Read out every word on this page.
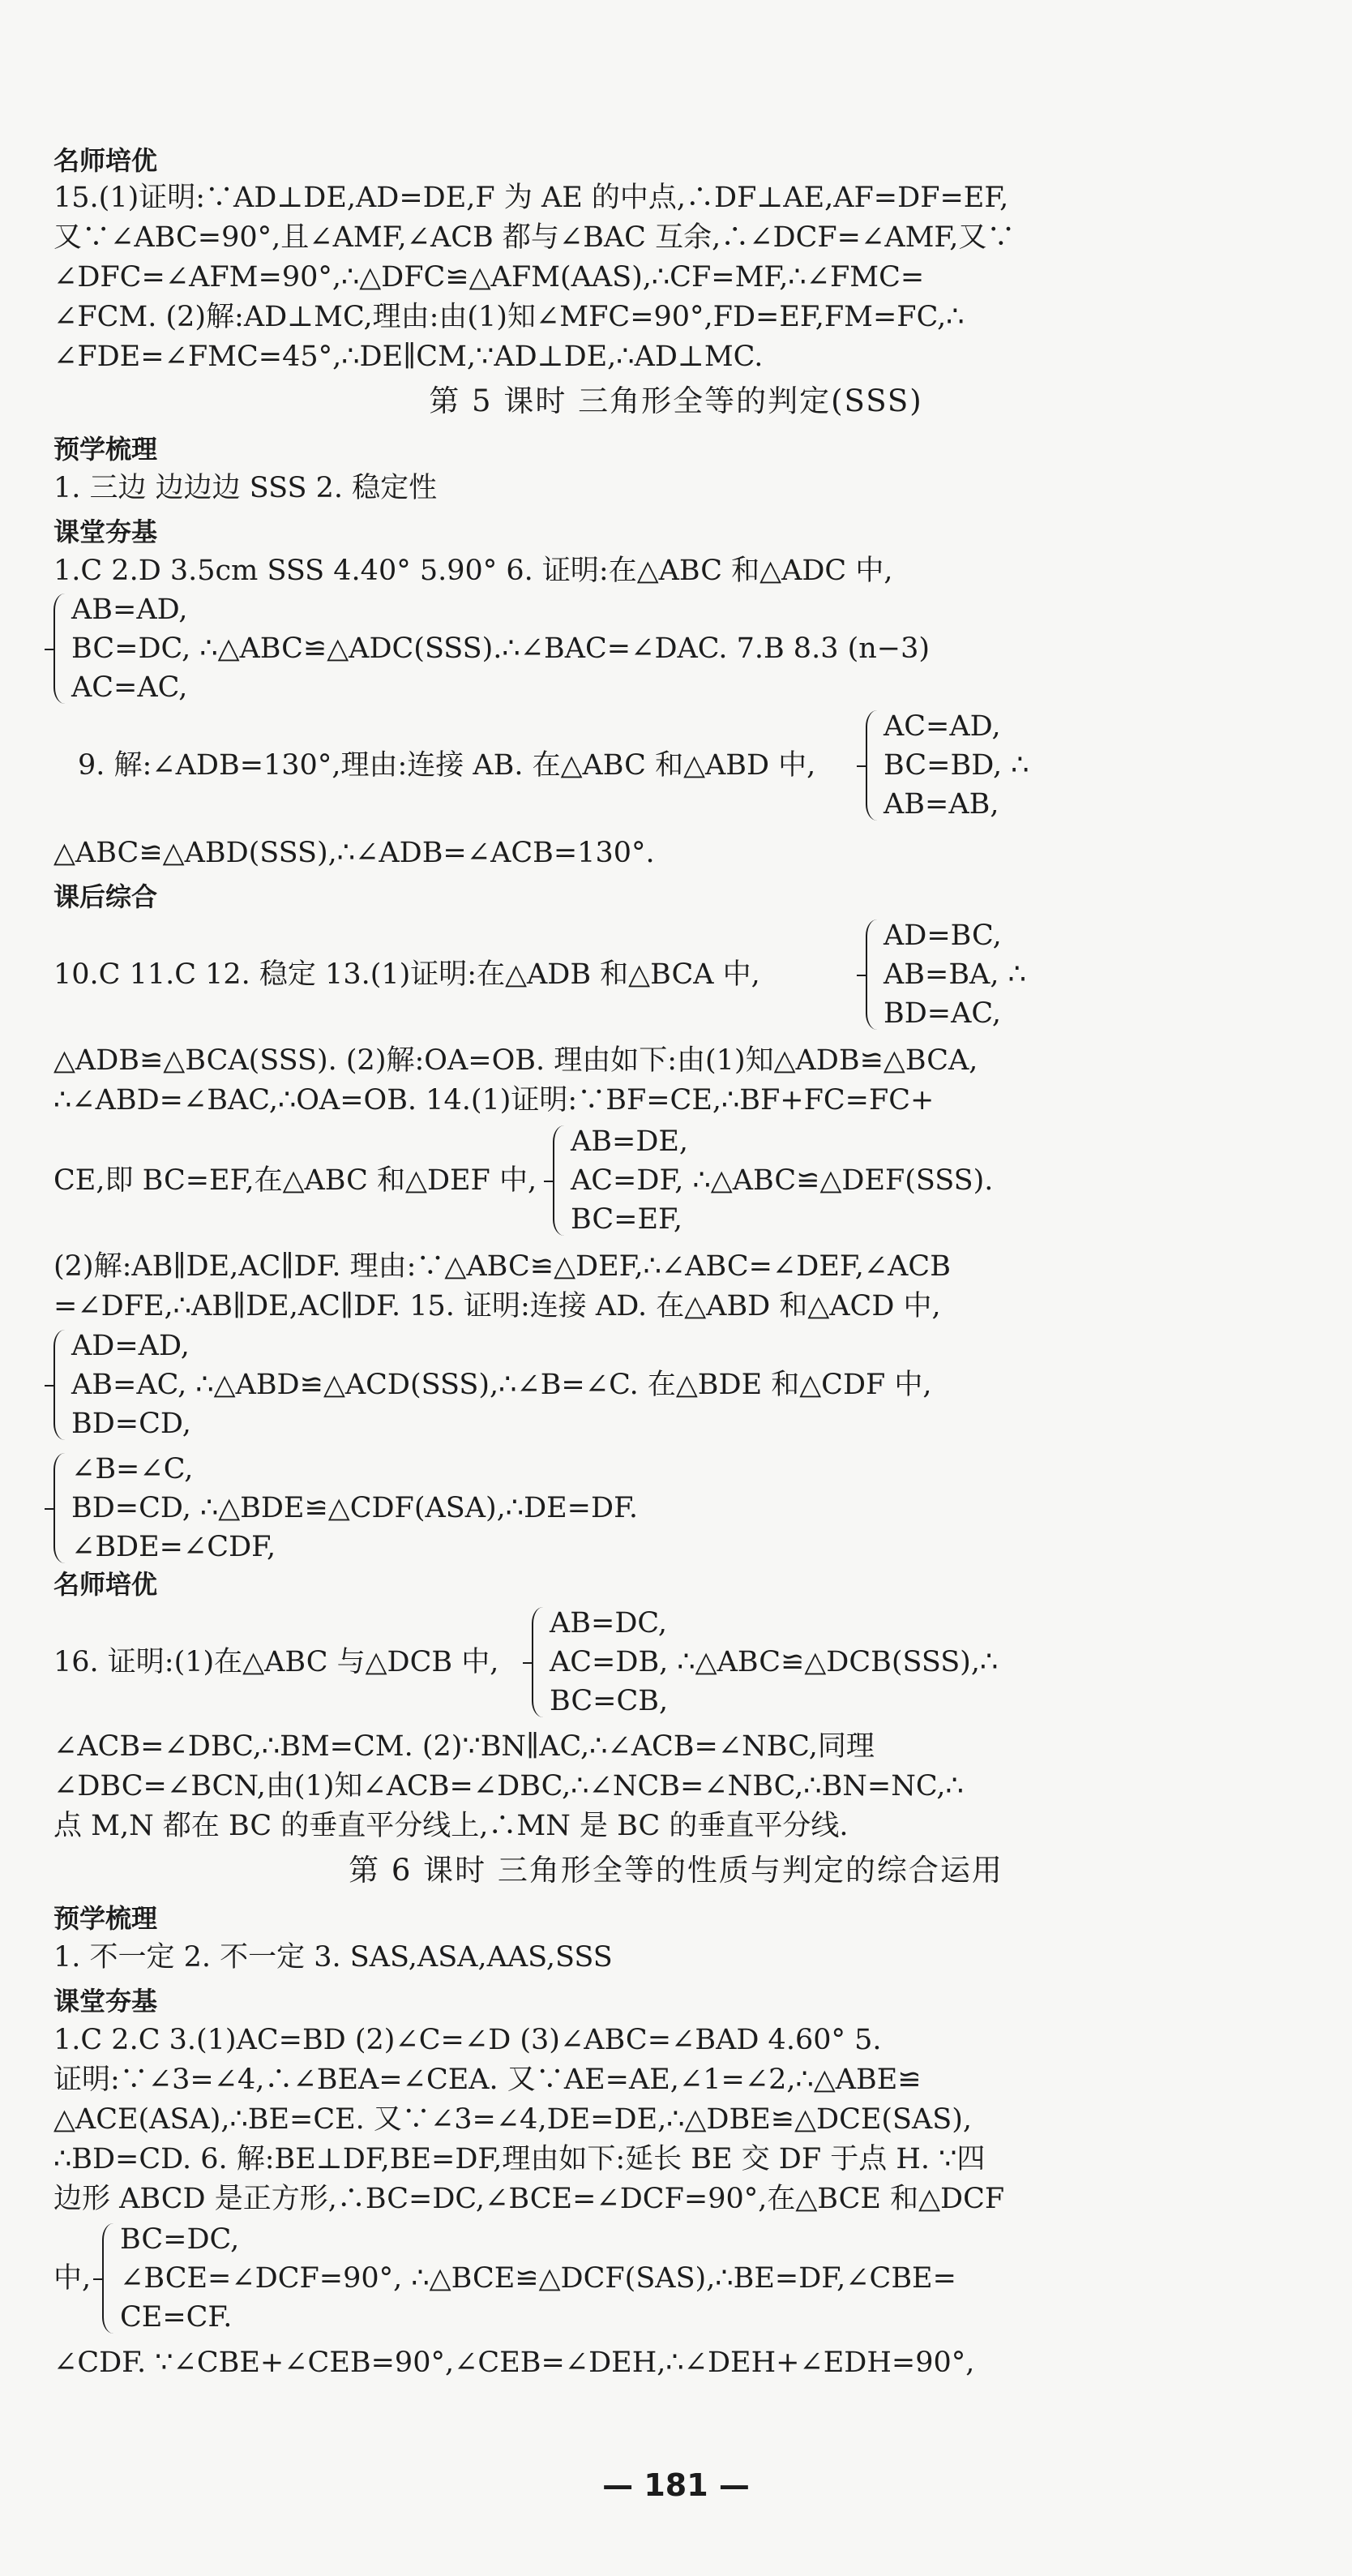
名师培优
15.(1)证明:∵AD⊥DE,AD=DE,F 为 AE 的中点,∴DF⊥AE,AF=DF=EF,
又∵∠ABC=90°,且∠AMF,∠ACB 都与∠BAC 互余,∴∠DCF=∠AMF,又∵
∠DFC=∠AFM=90°,∴△DFC≌△AFM(AAS),∴CF=MF,∴∠FMC=
∠FCM. (2)解:AD⊥MC,理由:由(1)知∠MFC=90°,FD=EF,FM=FC,∴
∠FDE=∠FMC=45°,∴DE∥CM,∵AD⊥DE,∴AD⊥MC.
第 5 课时 三角形全等的判定(SSS)
预学梳理
1. 三边 边边边 SSS 2. 稳定性
课堂夯基
1.C 2.D 3.5cm SSS 4.40° 5.90° 6. 证明:在△ABC 和△ADC 中,
AB=AD,
BC=DC, ∴△ABC≌△ADC(SSS).∴∠BAC=∠DAC. 7.B 8.3 (n−3)
AC=AC,
9. 解:∠ADB=130°,理由:连接 AB. 在△ABC 和△ABD 中,
AC=AD,
BC=BD, ∴
AB=AB,
△ABC≌△ABD(SSS),∴∠ADB=∠ACB=130°.
课后综合
AD=BC,
AB=BA, ∴
BD=AC,
10.C 11.C 12. 稳定 13.(1)证明:在△ADB 和△BCA 中,
△ADB≌△BCA(SSS). (2)解:OA=OB. 理由如下:由(1)知△ADB≌△BCA,
∴∠ABD=∠BAC,∴OA=OB. 14.(1)证明:∵BF=CE,∴BF+FC=FC+
CE,即 BC=EF,在△ABC 和△DEF 中,
AB=DE,
AC=DF, ∴△ABC≌△DEF(SSS).
BC=EF,
(2)解:AB∥DE,AC∥DF. 理由:∵△ABC≌△DEF,∴∠ABC=∠DEF,∠ACB
=∠DFE,∴AB∥DE,AC∥DF. 15. 证明:连接 AD. 在△ABD 和△ACD 中,
AD=AD,
AB=AC, ∴△ABD≌△ACD(SSS),∴∠B=∠C. 在△BDE 和△CDF 中,
BD=CD,
∠B=∠C,
BD=CD, ∴△BDE≌△CDF(ASA),∴DE=DF.
∠BDE=∠CDF,
名师培优
16. 证明:(1)在△ABC 与△DCB 中,
AB=DC,
AC=DB, ∴△ABC≌△DCB(SSS),∴
BC=CB,
∠ACB=∠DBC,∴BM=CM. (2)∵BN∥AC,∴∠ACB=∠NBC,同理
∠DBC=∠BCN,由(1)知∠ACB=∠DBC,∴∠NCB=∠NBC,∴BN=NC,∴
点 M,N 都在 BC 的垂直平分线上,∴MN 是 BC 的垂直平分线.
第 6 课时 三角形全等的性质与判定的综合运用
预学梳理
1. 不一定 2. 不一定 3. SAS,ASA,AAS,SSS
课堂夯基
1.C 2.C 3.(1)AC=BD (2)∠C=∠D (3)∠ABC=∠BAD 4.60° 5.
证明:∵∠3=∠4,∴∠BEA=∠CEA. 又∵AE=AE,∠1=∠2,∴△ABE≌
△ACE(ASA),∴BE=CE. 又∵∠3=∠4,DE=DE,∴△DBE≌△DCE(SAS),
∴BD=CD. 6. 解:BE⊥DF,BE=DF,理由如下:延长 BE 交 DF 于点 H. ∵四
边形 ABCD 是正方形,∴BC=DC,∠BCE=∠DCF=90°,在△BCE 和△DCF
中,
BC=DC,
∠BCE=∠DCF=90°, ∴△BCE≌△DCF(SAS),∴BE=DF,∠CBE=
CE=CF.
∠CDF. ∵∠CBE+∠CEB=90°,∠CEB=∠DEH,∴∠DEH+∠EDH=90°,
— 181 —
